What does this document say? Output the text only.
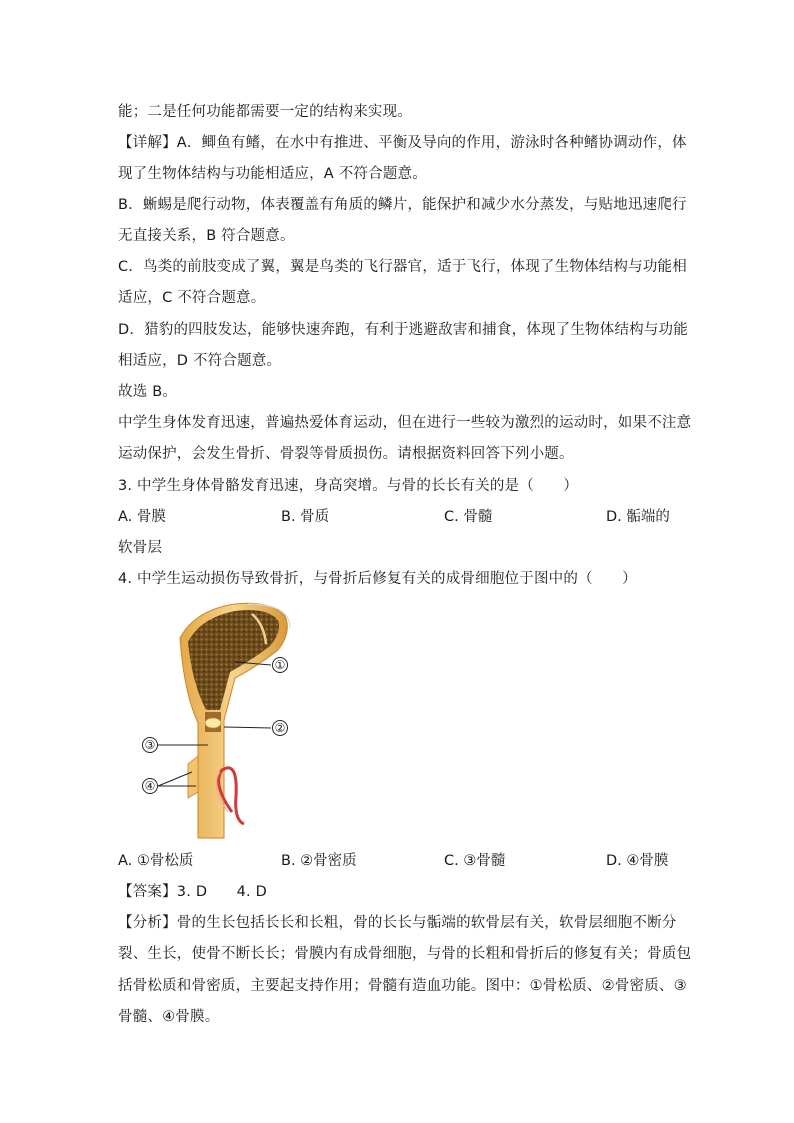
能；二是任何功能都需要一定的结构来实现。
【详解】A．鲫鱼有鳍，在水中有推进、平衡及导向的作用，游泳时各种鳍协调动作，体
现了生物体结构与功能相适应，A 不符合题意。
B．蜥蜴是爬行动物，体表覆盖有角质的鳞片，能保护和减少水分蒸发，与贴地迅速爬行
无直接关系，B 符合题意。
C．鸟类的前肢变成了翼，翼是鸟类的飞行器官，适于飞行，体现了生物体结构与功能相
适应，C 不符合题意。
D．猎豹的四肢发达，能够快速奔跑，有利于逃避敌害和捕食，体现了生物体结构与功能
相适应，D 不符合题意。
故选 B。
中学生身体发育迅速，普遍热爱体育运动，但在进行一些较为激烈的运动时，如果不注意
运动保护，会发生骨折、骨裂等骨质损伤。请根据资料回答下列小题。
3. 中学生身体骨骼发育迅速，身高突增。与骨的长长有关的是（　　）
A. 骨膜	B. 骨质	C. 骨髓	D. 骺端的
软骨层
4. 中学生运动损伤导致骨折，与骨折后修复有关的成骨细胞位于图中的（　　）
①
②
③
④
A. ①骨松质	B. ②骨密质	C. ③骨髓	D. ④骨膜
【答案】3. D　　4. D
【分析】骨的生长包括长长和长粗，骨的长长与骺端的软骨层有关，软骨层细胞不断分
裂、生长，使骨不断长长；骨膜内有成骨细胞，与骨的长粗和骨折后的修复有关；骨质包
括骨松质和骨密质，主要起支持作用；骨髓有造血功能。图中：①骨松质、②骨密质、③
骨髓、④骨膜。
